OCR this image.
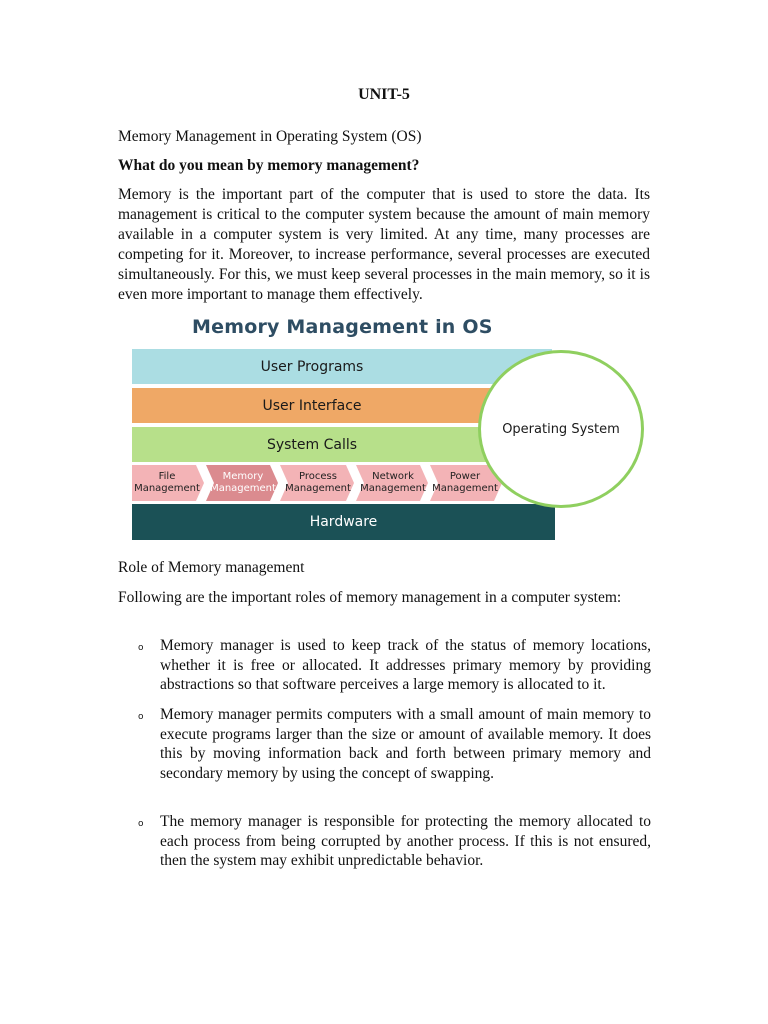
UNIT-5

Memory Management in Operating System (OS)

What do you mean by memory management?

Memory is the important part of the computer that is used to store the data. Its management is critical to the computer system because the amount of main memory available in a computer system is very limited. At any time, many processes are competing for it. Moreover, to increase performance, several processes are executed simultaneously. For this, we must keep several processes in the main memory, so it is even more important to manage them effectively.

Memory Management in OS
User Programs
User Interface
System Calls
File
Management
Memory
Management
Process
Management
Network
Management
Power
Management
Hardware
Operating System

Role of Memory management

Following are the important roles of memory management in a computer system:

o Memory manager is used to keep track of the status of memory locations, whether it is free or allocated. It addresses primary memory by providing abstractions so that software perceives a large memory is allocated to it.

o Memory manager permits computers with a small amount of main memory to execute programs larger than the size or amount of available memory. It does this by moving information back and forth between primary memory and secondary memory by using the concept of swapping.

o The memory manager is responsible for protecting the memory allocated to each process from being corrupted by another process. If this is not ensured, then the system may exhibit unpredictable behavior.
